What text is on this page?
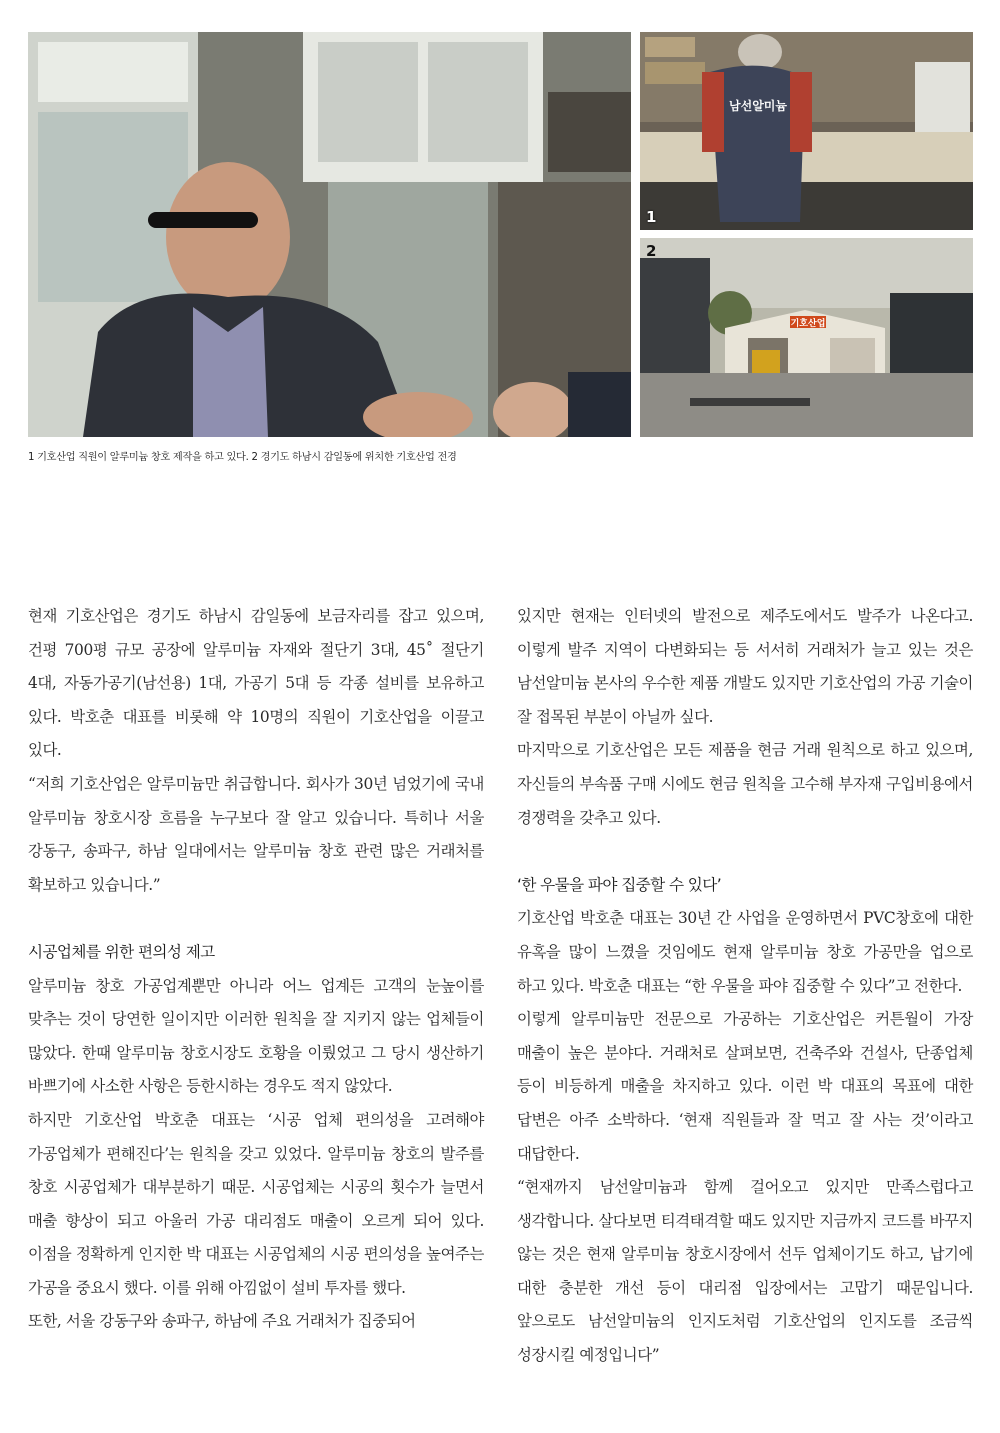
남선알미늄
1
기호산업
2
1 기호산업 직원이 알루미늄 창호 제작을 하고 있다. 2 경기도 하남시 감일동에 위치한 기호산업 전경

현재 기호산업은 경기도 하남시 감일동에 보금자리를 잡고 있으며, 건평 700평 규모 공장에 알루미늄 자재와 절단기 3대, 45˚ 절단기 4대, 자동가공기(남선용) 1대, 가공기 5대 등 각종 설비를 보유하고 있다. 박호춘 대표를 비롯해 약 10명의 직원이 기호산업을 이끌고 있다.

“저희 기호산업은 알루미늄만 취급합니다. 회사가 30년 넘었기에 국내 알루미늄 창호시장 흐름을 누구보다 잘 알고 있습니다. 특히나 서울 강동구, 송파구, 하남 일대에서는 알루미늄 창호 관련 많은 거래처를 확보하고 있습니다.”

시공업체를 위한 편의성 제고

알루미늄 창호 가공업계뿐만 아니라 어느 업계든 고객의 눈높이를 맞추는 것이 당연한 일이지만 이러한 원칙을 잘 지키지 않는 업체들이 많았다. 한때 알루미늄 창호시장도 호황을 이뤘었고 그 당시 생산하기 바쁘기에 사소한 사항은 등한시하는 경우도 적지 않았다.

하지만 기호산업 박호춘 대표는 ‘시공 업체 편의성을 고려해야 가공업체가 편해진다’는 원칙을 갖고 있었다. 알루미늄 창호의 발주를 창호 시공업체가 대부분하기 때문. 시공업체는 시공의 횟수가 늘면서 매출 향상이 되고 아울러 가공 대리점도 매출이 오르게 되어 있다. 이점을 정확하게 인지한 박 대표는 시공업체의 시공 편의성을 높여주는 가공을 중요시 했다. 이를 위해 아낌없이 설비 투자를 했다.

또한, 서울 강동구와 송파구, 하남에 주요 거래처가 집중되어

있지만 현재는 인터넷의 발전으로 제주도에서도 발주가 나온다고. 이렇게 발주 지역이 다변화되는 등 서서히 거래처가 늘고 있는 것은 남선알미늄 본사의 우수한 제품 개발도 있지만 기호산업의 가공 기술이 잘 접목된 부분이 아닐까 싶다.

마지막으로 기호산업은 모든 제품을 현금 거래 원칙으로 하고 있으며, 자신들의 부속품 구매 시에도 현금 원칙을 고수해 부자재 구입비용에서 경쟁력을 갖추고 있다.

‘한 우물을 파야 집중할 수 있다’

기호산업 박호춘 대표는 30년 간 사업을 운영하면서 PVC창호에 대한 유혹을 많이 느꼈을 것임에도 현재 알루미늄 창호 가공만을 업으로 하고 있다. 박호춘 대표는 “한 우물을 파야 집중할 수 있다”고 전한다.

이렇게 알루미늄만 전문으로 가공하는 기호산업은 커튼월이 가장 매출이 높은 분야다. 거래처로 살펴보면, 건축주와 건설사, 단종업체 등이 비등하게 매출을 차지하고 있다. 이런 박 대표의 목표에 대한 답변은 아주 소박하다. ‘현재 직원들과 잘 먹고 잘 사는 것’이라고 대답한다.

“현재까지 남선알미늄과 함께 걸어오고 있지만 만족스럽다고 생각합니다. 살다보면 티격태격할 때도 있지만 지금까지 코드를 바꾸지 않는 것은 현재 알루미늄 창호시장에서 선두 업체이기도 하고, 납기에 대한 충분한 개선 등이 대리점 입장에서는 고맙기 때문입니다. 앞으로도 남선알미늄의 인지도처럼 기호산업의 인지도를 조금씩 성장시킬 예정입니다”
